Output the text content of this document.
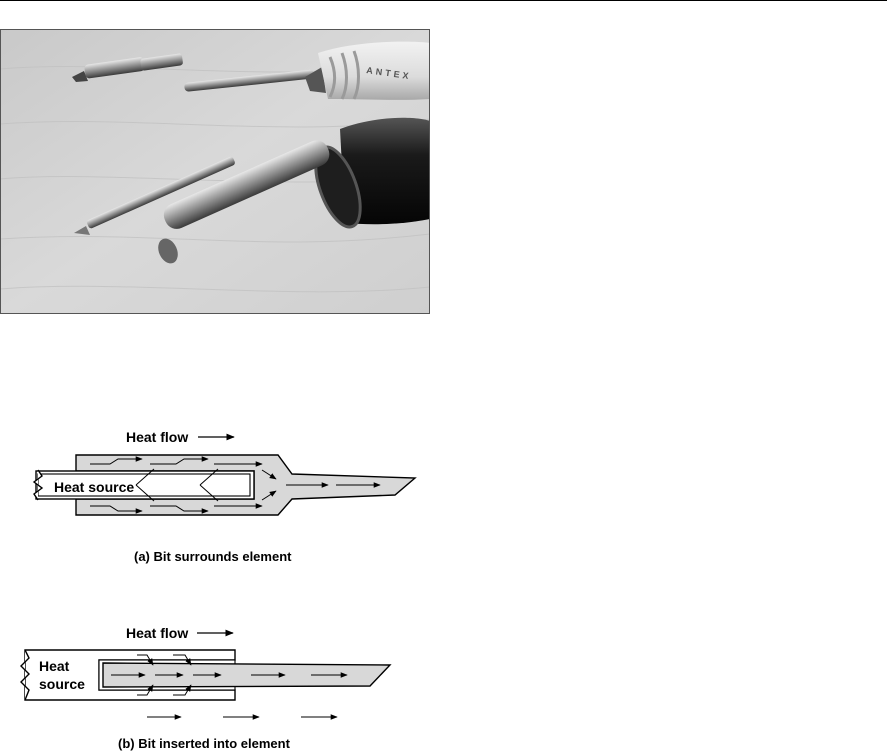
ANTEX
Heat flow
Heat source
(a) Bit surrounds element
Heat flow
Heat
source
(b) Bit inserted into element
